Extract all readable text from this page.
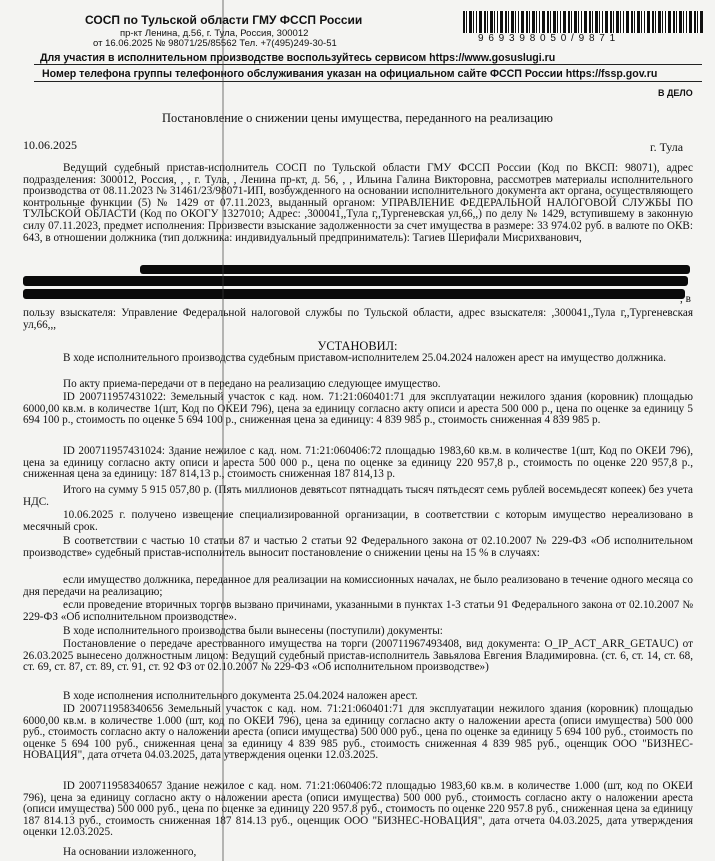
СОСП по Тульской области ГМУ ФССП России
пр-кт Ленина, д.56, г. Тула, Россия, 300012
от 16.06.2025 № 98071/25/85562 Тел. +7(495)249-30-51	9 6 9 3 9 8 0 5 0 / 9 8 7 1
Для участия в исполнительном производстве воспользуйтесь сервисом https://www.gosuslugi.ru
Номер телефона группы телефонного обслуживания указан на официальном сайте ФССП России https://fssp.gov.ru
В ДЕЛО
Постановление о снижении цены имущества, переданного на реализацию
10.06.2025	г. Тула
Ведущий судебный пристав-исполнитель СОСП по Тульской области ГМУ ФССП России (Код по ВКСП: 98071), адрес подразделения: 300012, Россия, , , г. Тула, , Ленина пр-кт, д. 56, , , Ильина Галина Викторовна, рассмотрев материалы исполнительного производства от 08.11.2023 № 31461/23/98071-ИП, возбужденного на основании исполнительного документа акт органа, осуществляющего контрольные функции (5) № 1429 от 07.11.2023, выданный органом: УПРАВЛЕНИЕ ФЕДЕРАЛЬНОЙ НАЛОГОВОЙ СЛУЖБЫ ПО ТУЛЬСКОЙ ОБЛАСТИ (Код по ОКОГУ 1327010; Адрес: ,300041,,Тула г,,Тургеневская ул,66,,) по делу № 1429, вступившему в законную силу 07.11.2023, предмет исполнения: Произвести взыскание задолженности за счет имущества в размере: 33 974.02 руб. в валюте по ОКВ: 643, в отношении должника (тип должника: индивидуальный предприниматель): Тагиев Шерифали Мисрихванович,
, в
пользу взыскателя: Управление Федеральной налоговой службы по Тульской области, адрес взыскателя: ,300041,,Тула г,,Тургеневская ул,66,,,
УСТАНОВИЛ:
В ходе исполнительного производства судебным приставом-исполнителем 25.04.2024 наложен арест на имущество должника.
По акту приема-передачи от в передано на реализацию следующее имущество.
ID 200711957431022: Земельный участок с кад. ном. 71:21:060401:71 для эксплуатации нежилого здания (коровник) площадью 6000,00 кв.м. в количестве 1(шт, Код по ОКЕИ 796), цена за единицу согласно акту описи и ареста 500 000 р., цена по оценке за единицу 5 694 100 р., стоимость по оценке 5 694 100 р., сниженная цена за единицу: 4 839 985 р., стоимость сниженная 4 839 985 р.
ID 200711957431024: Здание нежилое с кад. ном. 71:21:060406:72 площадью 1983,60 кв.м. в количестве 1(шт, Код по ОКЕИ 796), цена за единицу согласно акту описи и ареста 500 000 р., цена по оценке за единицу 220 957,8 р., стоимость по оценке 220 957,8 р., сниженная цена за единицу: 187 814,13 р., стоимость сниженная 187 814,13 р.
Итого на сумму 5 915 057,80 р. (Пять миллионов девятьсот пятнадцать тысяч пятьдесят семь рублей восемьдесят копеек) без учета НДС.
10.06.2025 г. получено извещение специализированной организации, в соответствии с которым имущество нереализовано в месячный срок.
В соответствии с частью 10 статьи 87 и частью 2 статьи 92 Федерального закона от 02.10.2007 № 229-ФЗ «Об исполнительном производстве» судебный пристав-исполнитель выносит постановление о снижении цены на 15 % в случаях:
если имущество должника, переданное для реализации на комиссионных началах, не было реализовано в течение одного месяца со дня передачи на реализацию;
если проведение вторичных торгов вызвано причинами, указанными в пунктах 1-3 статьи 91 Федерального закона от 02.10.2007 № 229-ФЗ «Об исполнительном производстве».
В ходе исполнительного производства были вынесены (поступили) документы:
Постановление о передаче арестованного имущества на торги (200711967493408, вид документа: O_IP_ACT_ARR_GETAUC) от 26.03.2025 вынесено должностным лицом: Ведущий судебный пристав-исполнитель Завьялова Евгения Владимировна. (ст. 6, ст. 14, ст. 68, ст. 69, ст. 87, ст. 89, ст. 91, ст. 92 ФЗ от 02.10.2007 № 229-ФЗ «Об исполнительном производстве»)
В ходе исполнения исполнительного документа 25.04.2024 наложен арест.
ID 200711958340656 Земельный участок с кад. ном. 71:21:060401:71 для эксплуатации нежилого здания (коровник) площадью 6000,00 кв.м. в количестве 1.000 (шт, код по ОКЕИ 796), цена за единицу согласно акту о наложении ареста (описи имущества) 500 000 руб., стоимость согласно акту о наложении ареста (описи имущества) 500 000 руб., цена по оценке за единицу 5 694 100 руб., стоимость по оценке 5 694 100 руб., сниженная цена за единицу 4 839 985 руб., стоимость сниженная 4 839 985 руб., оценщик ООО "БИЗНЕС-НОВАЦИЯ", дата отчета 04.03.2025, дата утверждения оценки 12.03.2025.
ID 200711958340657 Здание нежилое с кад. ном. 71:21:060406:72 площадью 1983,60 кв.м. в количестве 1.000 (шт, код по ОКЕИ 796), цена за единицу согласно акту о наложении ареста (описи имущества) 500 000 руб., стоимость согласно акту о наложении ареста (описи имущества) 500 000 руб., цена по оценке за единицу 220 957.8 руб., стоимость по оценке 220 957.8 руб., сниженная цена за единицу 187 814.13 руб., стоимость сниженная 187 814.13 руб., оценщик ООО "БИЗНЕС-НОВАЦИЯ", дата отчета 04.03.2025, дата утверждения оценки 12.03.2025.
На основании изложенного,
